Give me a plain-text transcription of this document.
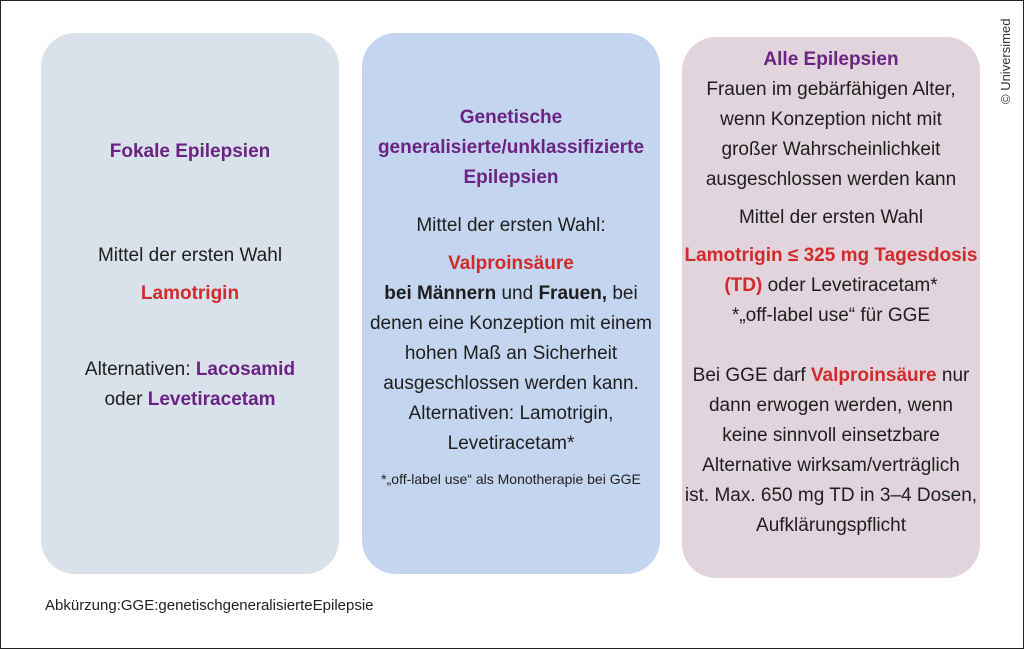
Fokale Epilepsien
Mittel der ersten Wahl
Lamotrigin
Alternativen: Lacosamid
oder Levetiracetam
Genetische
generalisierte/unklassifizierte
Epilepsien
Mittel der ersten Wahl:
Valproinsäure
bei Männern und Frauen, bei
denen eine Konzeption mit einem
hohen Maß an Sicherheit
ausgeschlossen werden kann.
Alternativen: Lamotrigin,
Levetiracetam*
*„off-label use“ als Monotherapie bei GGE
Alle Epilepsien
Frauen im gebärfähigen Alter,
wenn Konzeption nicht mit
großer Wahrscheinlichkeit
ausgeschlossen werden kann
Mittel der ersten Wahl
Lamotrigin ≤ 325 mg Tagesdosis
(TD) oder Levetiracetam*
*„off-label use“ für GGE
Bei GGE darf Valproinsäure nur
dann erwogen werden, wenn
keine sinnvoll einsetzbare
Alternative wirksam/verträglich
ist. Max. 650 mg TD in 3–4 Dosen,
Aufklärungspflicht
© Universimed
Abkürzung:GGE:genetischgeneralisierteEpilepsie
